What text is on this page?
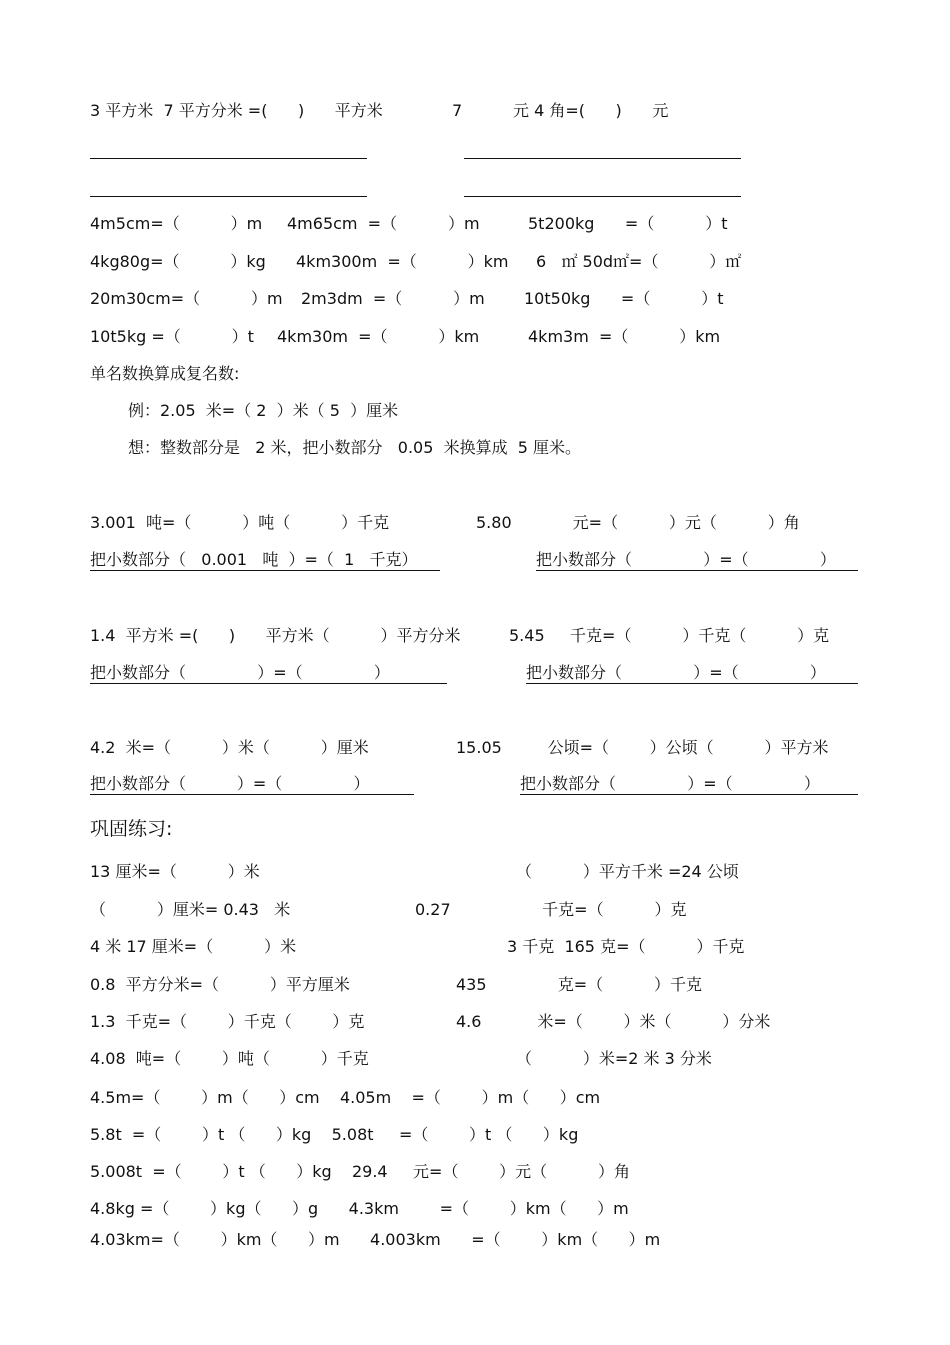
3 平方米  7 平方分米 =(      )      平方米	7          元 4 角=(      )      元
4m5cm=（          ）m 4m65cm  =（          ）m	5t200kg      =（          ）t
4kg80g=（          ）kg 4km300m  =（          ）km 6   ㎡ 50d㎡=（          ）㎡
20m30cm=（          ）m 2m3dm  =（          ）m 10t50kg      =（          ）t
10t5kg =（          ）t 4km30m  =（          ）km	4km3m  =（          ）km
单名数换算成复名数:
例：2.05  米=（ 2  ）米（ 5  ）厘米
想：整数部分是   2 米，把小数部分   0.05  米换算成  5 厘米。
3.001  吨=（          ）吨（          ）千克	5.80            元=（          ）元（          ）角
把小数部分（   0.001   吨  ）=（  1   千克）	把小数部分（              ）=（              ）
1.4  平方米 =(      )      平方米（          ）平方分米	5.45     千克=（          ）千克（          ）克
把小数部分（              ）=（              ）	把小数部分（              ）=（              ）
4.2  米=（          ）米（          ）厘米	15.05         公顷=（        ）公顷（          ）平方米
把小数部分（          ）=（              ）	把小数部分（              ）=（              ）
巩固练习:
13 厘米=（          ）米	（          ）平方千米 =24 公顷
（          ）厘米= 0.43   米	0.27                  千克=（          ）克
4 米 17 厘米=（          ）米	3 千克  165 克=（          ）千克
0.8  平方分米=（          ）平方厘米	435              克=（          ）千克
1.3  千克=（        ）千克（        ）克	4.6           米=（        ）米（          ）分米
4.08  吨=（        ）吨（          ）千克	（          ）米=2 米 3 分米
4.5m=（        ）m（      ）cm    4.05m    =（        ）m（      ）cm
5.8t  =（        ）t （      ）kg    5.08t     =（        ）t （      ）kg
5.008t  =（        ）t （      ）kg    29.4     元=（        ）元（          ）角
4.8kg =（        ）kg（      ）g      4.3km        =（        ）km（      ）m
4.03km=（        ）km（      ）m      4.003km      =（        ）km（      ）m
